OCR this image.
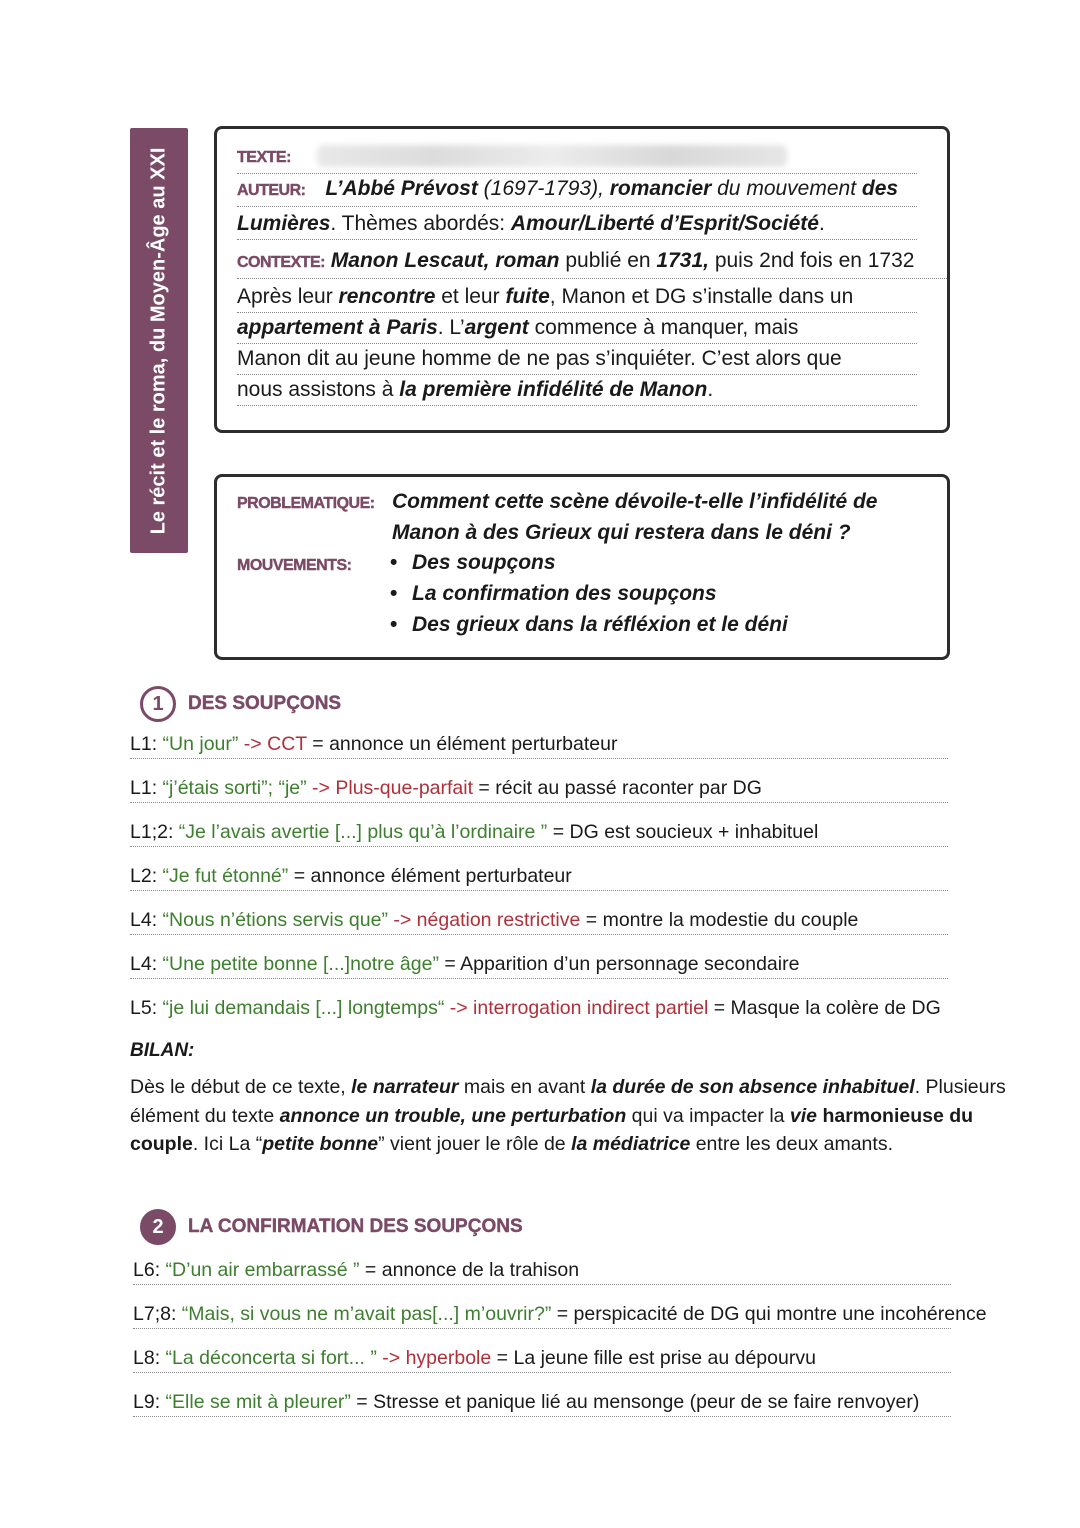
Le récit et le roma, du Moyen-Âge au XXI	TEXTE:
AUTEUR: L’Abbé Prévost (1697-1793), romancier du mouvement des
Lumières. Thèmes abordés: Amour/Liberté d’Esprit/Société.
CONTEXTE: Manon Lescaut, roman publié en 1731, puis 2nd fois en 1732
Après leur rencontre et leur fuite, Manon et DG s’installe dans un
appartement à Paris. L’argent commence à manquer, mais
Manon dit au jeune homme de ne pas s’inquiéter. C’est alors que
nous assistons à la première infidélité de Manon.
PROBLEMATIQUE: Comment cette scène dévoile-t-elle l’infidélité de
Manon à des Grieux qui restera dans le déni ?
MOUVEMENTS:
•	Des soupçons
• La confirmation des soupçons
• Des grieux dans la réfléxion et le déni
1	DES SOUPÇONS
L1: “Un jour” -> CCT = annonce un élément perturbateur
L1: “j’étais sorti”; “je” -> Plus-que-parfait = récit au passé raconter par DG
L1;2: “Je l’avais avertie [...] plus qu’à l’ordinaire ” = DG est soucieux + inhabituel
L2: “Je fut étonné” = annonce élément perturbateur
L4: “Nous n’étions servis que” -> négation restrictive = montre la modestie du couple
L4: “Une petite bonne [...]notre âge” = Apparition d’un personnage secondaire
L5: “je lui demandais [...] longtemps“ -> interrogation indirect partiel = Masque la colère de DG
BILAN:
Dès le début de ce texte, le narrateur mais en avant la durée de son absence inhabituel. Plusieurs élément du texte annonce un trouble, une perturbation qui va impacter la vie harmonieuse du couple. Ici La “petite bonne” vient jouer le rôle de la médiatrice entre les deux amants.
2	LA CONFIRMATION DES SOUPÇONS
L6: “D’un air embarrassé ” = annonce de la trahison
L7;8: “Mais, si vous ne m’avait pas[...] m’ouvrir?” = perspicacité de DG qui montre une incohérence
L8: “La déconcerta si fort... ” -> hyperbole = La jeune fille est prise au dépourvu
L9: “Elle se mit à pleurer” = Stresse et panique lié au mensonge (peur de se faire renvoyer)
